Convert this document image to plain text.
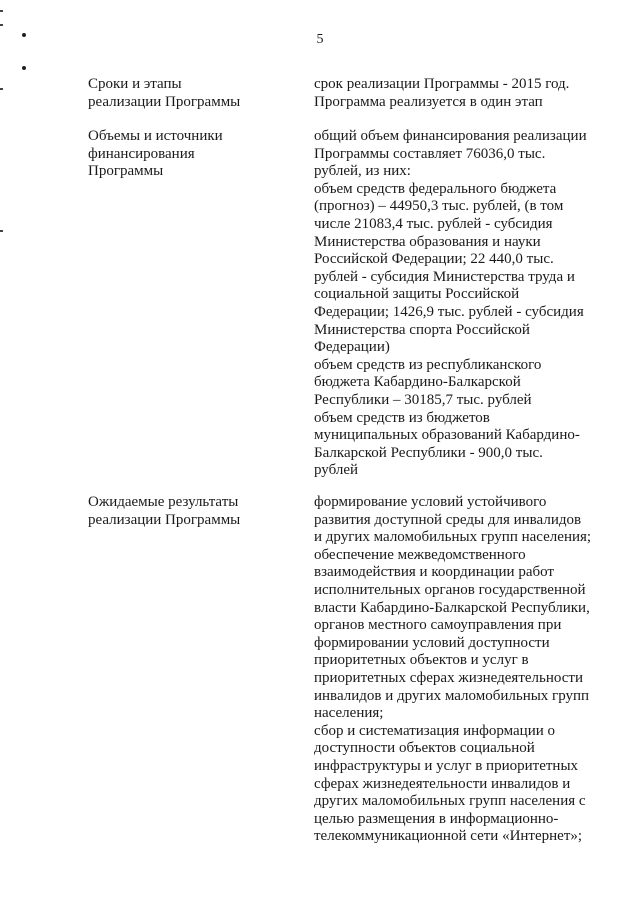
5
Сроки и этапы
реализации Программы
срок реализации Программы - 2015 год.
Программа реализуется в один этап
Объемы и источники
финансирования
Программы
общий объем финансирования реализации
Программы составляет 76036,0 тыс.
рублей, из них:
объем средств федерального бюджета
(прогноз) – 44950,3 тыс. рублей, (в том
числе 21083,4 тыс. рублей - субсидия
Министерства образования и науки
Российской Федерации; 22 440,0 тыс.
рублей - субсидия Министерства труда и
социальной защиты Российской
Федерации; 1426,9 тыс. рублей - субсидия
Министерства спорта Российской
Федерации)
объем средств из республиканского
бюджета Кабардино-Балкарской
Республики – 30185,7 тыс. рублей
объем средств из бюджетов
муниципальных образований Кабардино-
Балкарской Республики - 900,0 тыс.
рублей
Ожидаемые результаты
реализации Программы
формирование условий устойчивого
развития доступной среды для инвалидов
и других маломобильных групп населения;
обеспечение межведомственного
взаимодействия и координации работ
исполнительных органов государственной
власти Кабардино-Балкарской Республики,
органов местного самоуправления при
формировании условий доступности
приоритетных объектов и услуг в
приоритетных сферах жизнедеятельности
инвалидов и других маломобильных групп
населения;
сбор и систематизация информации о
доступности объектов социальной
инфраструктуры и услуг в приоритетных
сферах жизнедеятельности инвалидов и
других маломобильных групп населения с
целью размещения в информационно-
телекоммуникационной сети «Интернет»;
